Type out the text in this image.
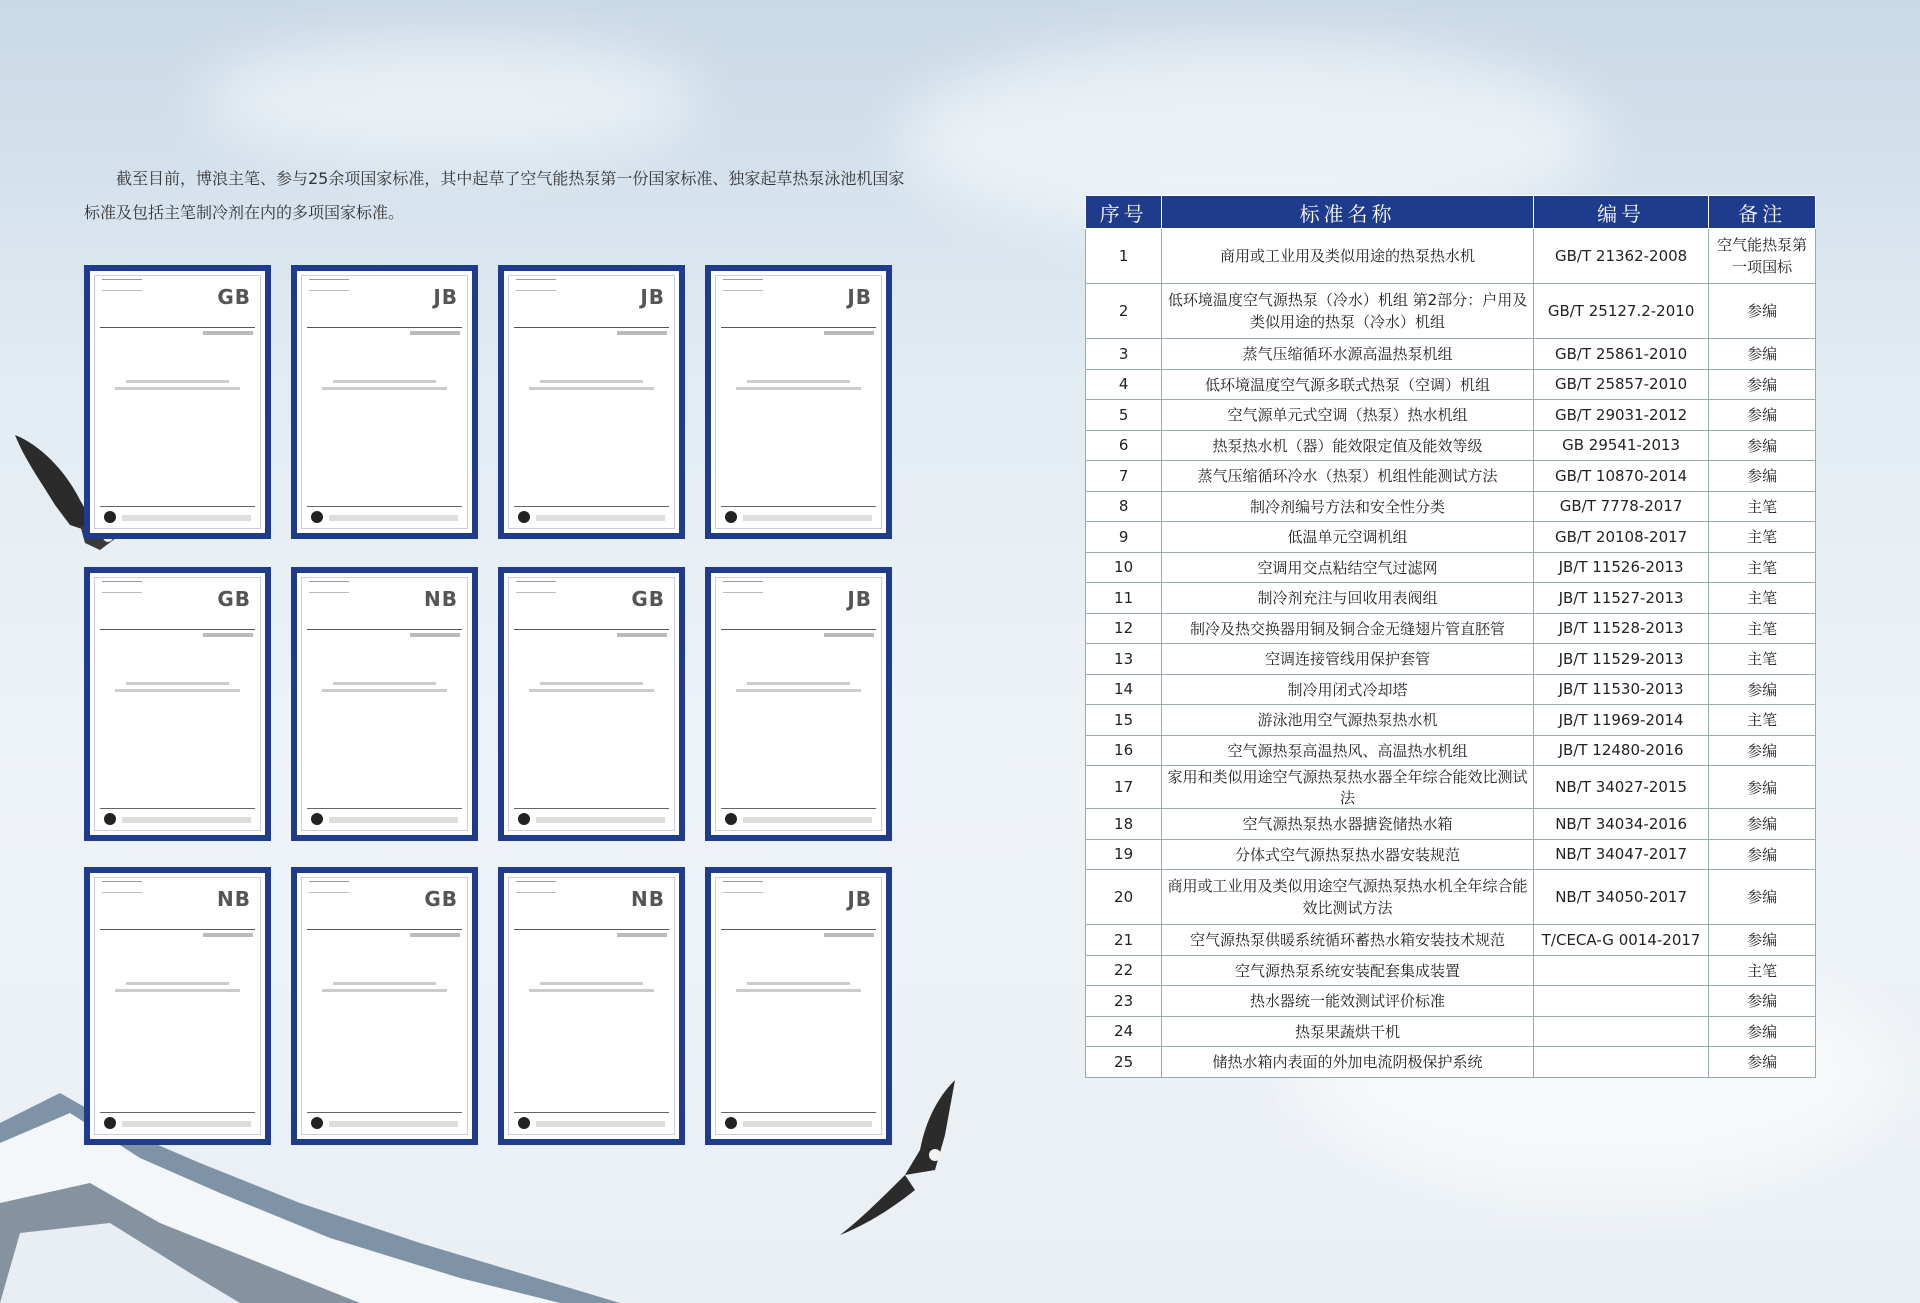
截至目前，博浪主笔、参与25余项国家标准，其中起草了空气能热泵第一份国家标准、独家起草热泵泳池机国家标准及包括主笔制冷剂在内的多项国家标准。

GB	JB	JB	JB
GB	NB	GB	JB
NB	GB	NB	JB
序号	标准名称	编号	备注
1	商用或工业用及类似用途的热泵热水机	GB/T 21362-2008	空气能热泵第一项国标
2	低环境温度空气源热泵（冷水）机组 第2部分：户用及类似用途的热泵（冷水）机组	GB/T 25127.2-2010	参编
3	蒸气压缩循环水源高温热泵机组	GB/T 25861-2010	参编
4	低环境温度空气源多联式热泵（空调）机组	GB/T 25857-2010	参编
5	空气源单元式空调（热泵）热水机组	GB/T 29031-2012	参编
6	热泵热水机（器）能效限定值及能效等级	GB 29541-2013	参编
7	蒸气压缩循环冷水（热泵）机组性能测试方法	GB/T 10870-2014	参编
8	制冷剂编号方法和安全性分类	GB/T 7778-2017	主笔
9	低温单元空调机组	GB/T 20108-2017	主笔
10	空调用交点粘结空气过滤网	JB/T 11526-2013	主笔
11	制冷剂充注与回收用表阀组	JB/T 11527-2013	主笔
12	制冷及热交换器用铜及铜合金无缝翅片管直胚管	JB/T 11528-2013	主笔
13	空调连接管线用保护套管	JB/T 11529-2013	主笔
14	制冷用闭式冷却塔	JB/T 11530-2013	参编
15	游泳池用空气源热泵热水机	JB/T 11969-2014	主笔
16	空气源热泵高温热风、高温热水机组	JB/T 12480-2016	参编
17	家用和类似用途空气源热泵热水器全年综合能效比测试法	NB/T 34027-2015	参编
18	空气源热泵热水器搪瓷储热水箱	NB/T 34034-2016	参编
19	分体式空气源热泵热水器安装规范	NB/T 34047-2017	参编
20	商用或工业用及类似用途空气源热泵热水机全年综合能效比测试方法	NB/T 34050-2017	参编
21	空气源热泵供暖系统循环蓄热水箱安装技术规范	T/CECA-G 0014-2017	参编
22	空气源热泵系统安装配套集成装置		主笔
23	热水器统一能效测试评价标准		参编
24	热泵果蔬烘干机		参编
25	储热水箱内表面的外加电流阴极保护系统		参编
